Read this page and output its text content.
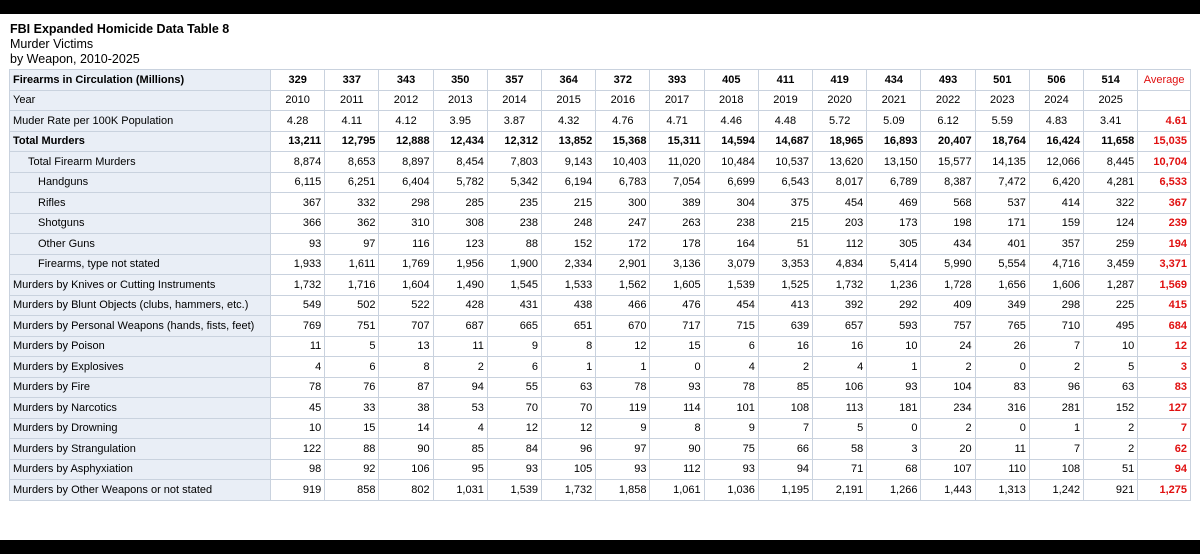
FBI Expanded Homicide Data Table 8
Murder Victims
by Weapon, 2010-2025
Firearms in Circulation (Millions)	329	337	343	350	357	364	372	393	405	411	419	434	493	501	506	514	Average
Year	2010	2011	2012	2013	2014	2015	2016	2017	2018	2019	2020	2021	2022	2023	2024	2025	
Muder Rate per 100K Population	4.28	4.11	4.12	3.95	3.87	4.32	4.76	4.71	4.46	4.48	5.72	5.09	6.12	5.59	4.83	3.41	4.61
Total Murders	13,211	12,795	12,888	12,434	12,312	13,852	15,368	15,311	14,594	14,687	18,965	16,893	20,407	18,764	16,424	11,658	15,035
Total Firearm Murders	8,874	8,653	8,897	8,454	7,803	9,143	10,403	11,020	10,484	10,537	13,620	13,150	15,577	14,135	12,066	8,445	10,704
Handguns	6,115	6,251	6,404	5,782	5,342	6,194	6,783	7,054	6,699	6,543	8,017	6,789	8,387	7,472	6,420	4,281	6,533
Rifles	367	332	298	285	235	215	300	389	304	375	454	469	568	537	414	322	367
Shotguns	366	362	310	308	238	248	247	263	238	215	203	173	198	171	159	124	239
Other Guns	93	97	116	123	88	152	172	178	164	51	112	305	434	401	357	259	194
Firearms, type not stated	1,933	1,611	1,769	1,956	1,900	2,334	2,901	3,136	3,079	3,353	4,834	5,414	5,990	5,554	4,716	3,459	3,371
Murders by Knives or Cutting Instruments	1,732	1,716	1,604	1,490	1,545	1,533	1,562	1,605	1,539	1,525	1,732	1,236	1,728	1,656	1,606	1,287	1,569
Murders by Blunt Objects (clubs, hammers, etc.)	549	502	522	428	431	438	466	476	454	413	392	292	409	349	298	225	415
Murders by Personal Weapons (hands, fists, feet)	769	751	707	687	665	651	670	717	715	639	657	593	757	765	710	495	684
Murders by Poison	11	5	13	11	9	8	12	15	6	16	16	10	24	26	7	10	12
Murders by Explosives	4	6	8	2	6	1	1	0	4	2	4	1	2	0	2	5	3
Murders by Fire	78	76	87	94	55	63	78	93	78	85	106	93	104	83	96	63	83
Murders by Narcotics	45	33	38	53	70	70	119	114	101	108	113	181	234	316	281	152	127
Murders by Drowning	10	15	14	4	12	12	9	8	9	7	5	0	2	0	1	2	7
Murders by Strangulation	122	88	90	85	84	96	97	90	75	66	58	3	20	11	7	2	62
Murders by Asphyxiation	98	92	106	95	93	105	93	112	93	94	71	68	107	110	108	51	94
Murders by Other Weapons or not stated	919	858	802	1,031	1,539	1,732	1,858	1,061	1,036	1,195	2,191	1,266	1,443	1,313	1,242	921	1,275
